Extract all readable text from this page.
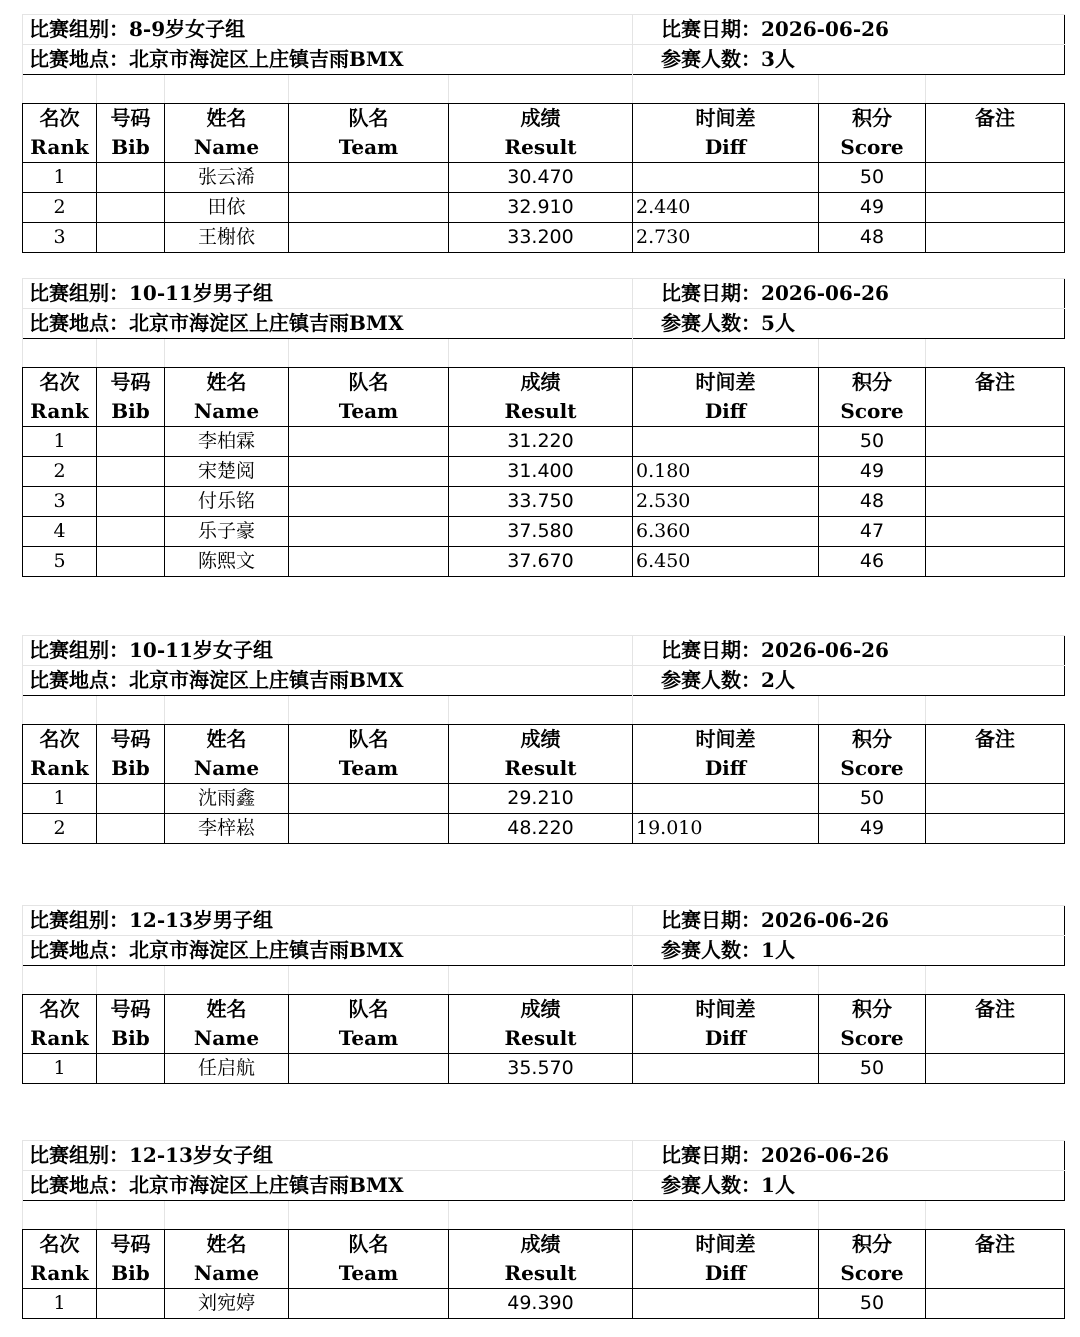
比赛组别：8-9岁女子组	比赛日期：2026-06-26
比赛地点：北京市海淀区上庄镇吉雨BMX	参赛人数：3人

名次	号码	姓名	队名	成绩	时间差	积分	备注
Rank	Bib	Name	Team	Result	Diff	Score	
1		张云浠		30.470		50	
2		田依		32.910	2.440	49	
3		王榭依		33.200	2.730	48	
比赛组别：10-11岁男子组	比赛日期：2026-06-26
比赛地点：北京市海淀区上庄镇吉雨BMX	参赛人数：5人

名次	号码	姓名	队名	成绩	时间差	积分	备注
Rank	Bib	Name	Team	Result	Diff	Score	
1		李柏霖		31.220		50	
2		宋楚阅		31.400	0.180	49	
3		付乐铭		33.750	2.530	48	
4		乐子豪		37.580	6.360	47	
5		陈熙文		37.670	6.450	46	
比赛组别：10-11岁女子组	比赛日期：2026-06-26
比赛地点：北京市海淀区上庄镇吉雨BMX	参赛人数：2人

名次	号码	姓名	队名	成绩	时间差	积分	备注
Rank	Bib	Name	Team	Result	Diff	Score	
1		沈雨鑫		29.210		50	
2		李梓崧		48.220	19.010	49	
比赛组别：12-13岁男子组	比赛日期：2026-06-26
比赛地点：北京市海淀区上庄镇吉雨BMX	参赛人数：1人

名次	号码	姓名	队名	成绩	时间差	积分	备注
Rank	Bib	Name	Team	Result	Diff	Score	
1		任启航		35.570		50	
比赛组别：12-13岁女子组	比赛日期：2026-06-26
比赛地点：北京市海淀区上庄镇吉雨BMX	参赛人数：1人

名次	号码	姓名	队名	成绩	时间差	积分	备注
Rank	Bib	Name	Team	Result	Diff	Score	
1		刘宛婷		49.390		50	
